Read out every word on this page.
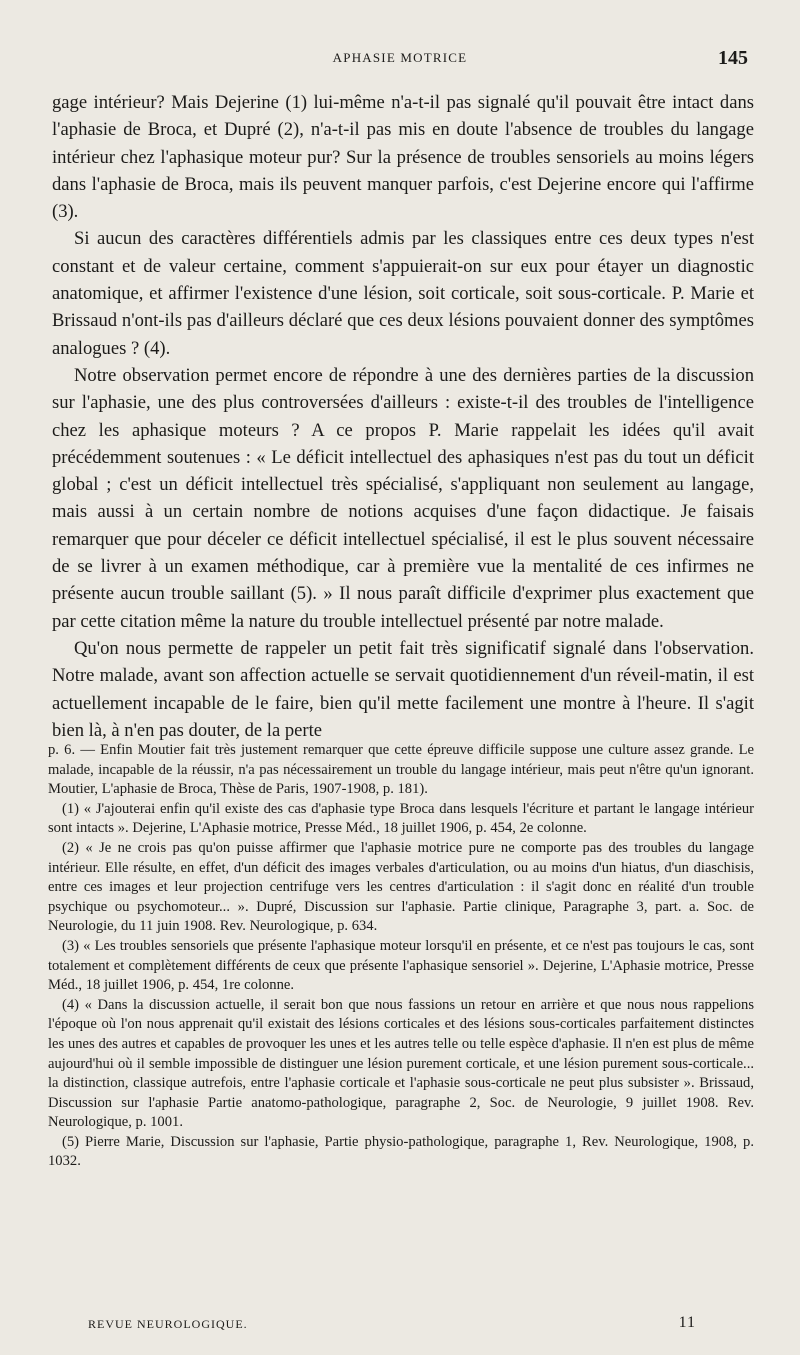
APHASIE MOTRICE	145

gage intérieur? Mais Dejerine (1) lui-même n'a-t-il pas signalé qu'il pouvait être intact dans l'aphasie de Broca, et Dupré (2), n'a-t-il pas mis en doute l'absence de troubles du langage intérieur chez l'aphasique moteur pur? Sur la présence de troubles sensoriels au moins légers dans l'aphasie de Broca, mais ils peuvent manquer parfois, c'est Dejerine encore qui l'affirme (3).

Si aucun des caractères différentiels admis par les classiques entre ces deux types n'est constant et de valeur certaine, comment s'appuierait-on sur eux pour étayer un diagnostic anatomique, et affirmer l'existence d'une lésion, soit corticale, soit sous-corticale. P. Marie et Brissaud n'ont-ils pas d'ailleurs déclaré que ces deux lésions pouvaient donner des symptômes analogues ? (4).

Notre observation permet encore de répondre à une des dernières parties de la discussion sur l'aphasie, une des plus controversées d'ailleurs : existe-t-il des troubles de l'intelligence chez les aphasique moteurs ? A ce propos P. Marie rappelait les idées qu'il avait précédemment soutenues : « Le déficit intellectuel des aphasiques n'est pas du tout un déficit global ; c'est un déficit intellectuel très spécialisé, s'appliquant non seulement au langage, mais aussi à un certain nombre de notions acquises d'une façon didactique. Je faisais remarquer que pour déceler ce déficit intellectuel spécialisé, il est le plus souvent nécessaire de se livrer à un examen méthodique, car à première vue la mentalité de ces infirmes ne présente aucun trouble saillant (5). » Il nous paraît difficile d'exprimer plus exactement que par cette citation même la nature du trouble intellectuel présenté par notre malade.

Qu'on nous permette de rappeler un petit fait très significatif signalé dans l'observation. Notre malade, avant son affection actuelle se servait quotidiennement d'un réveil-matin, il est actuellement incapable de le faire, bien qu'il mette facilement une montre à l'heure. Il s'agit bien là, à n'en pas douter, de la perte

p. 6. — Enfin Moutier fait très justement remarquer que cette épreuve difficile suppose une culture assez grande. Le malade, incapable de la réussir, n'a pas nécessairement un trouble du langage intérieur, mais peut n'être qu'un ignorant. Moutier, L'aphasie de Broca, Thèse de Paris, 1907-1908, p. 181).

(1) « J'ajouterai enfin qu'il existe des cas d'aphasie type Broca dans lesquels l'écriture et partant le langage intérieur sont intacts ». Dejerine, L'Aphasie motrice, Presse Méd., 18 juillet 1906, p. 454, 2e colonne.

(2) « Je ne crois pas qu'on puisse affirmer que l'aphasie motrice pure ne comporte pas des troubles du langage intérieur. Elle résulte, en effet, d'un déficit des images verbales d'articulation, ou au moins d'un hiatus, d'un diaschisis, entre ces images et leur projection centrifuge vers les centres d'articulation : il s'agit donc en réalité d'un trouble psychique ou psychomoteur... ». Dupré, Discussion sur l'aphasie. Partie clinique, Paragraphe 3, part. a. Soc. de Neurologie, du 11 juin 1908. Rev. Neurologique, p. 634.

(3) « Les troubles sensoriels que présente l'aphasique moteur lorsqu'il en présente, et ce n'est pas toujours le cas, sont totalement et complètement différents de ceux que présente l'aphasique sensoriel ». Dejerine, L'Aphasie motrice, Presse Méd., 18 juillet 1906, p. 454, 1re colonne.

(4) « Dans la discussion actuelle, il serait bon que nous fassions un retour en arrière et que nous nous rappelions l'époque où l'on nous apprenait qu'il existait des lésions corticales et des lésions sous-corticales parfaitement distinctes les unes des autres et capables de provoquer les unes et les autres telle ou telle espèce d'aphasie. Il n'en est plus de même aujourd'hui où il semble impossible de distinguer une lésion purement corticale, et une lésion purement sous-corticale... la distinction, classique autrefois, entre l'aphasie corticale et l'aphasie sous-corticale ne peut plus subsister ». Brissaud, Discussion sur l'aphasie Partie anatomo-pathologique, paragraphe 2, Soc. de Neurologie, 9 juillet 1908. Rev. Neurologique, p. 1001.

(5) Pierre Marie, Discussion sur l'aphasie, Partie physio-pathologique, paragraphe 1, Rev. Neurologique, 1908, p. 1032.

REVUE NEUROLOGIQUE.	11
